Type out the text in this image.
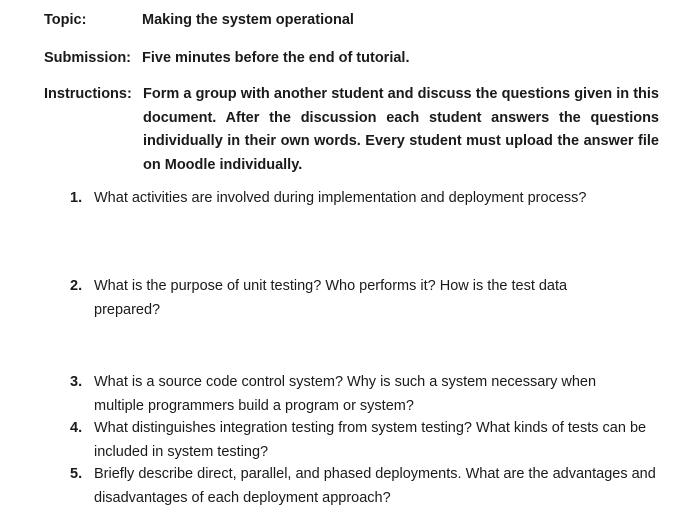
Topic:	Making the system operational
Submission: Five minutes before the end of tutorial.
Instructions: Form a group with another student and discuss the questions given in this document. After the discussion each student answers the questions individually in their own words. Every student must upload the answer file on Moodle individually.
1. What activities are involved during implementation and deployment process?
2. What is the purpose of unit testing? Who performs it? How is the test data prepared?
3. What is a source code control system? Why is such a system necessary when multiple programmers build a program or system?
4. What distinguishes integration testing from system testing? What kinds of tests can be included in system testing?
5. Briefly describe direct, parallel, and phased deployments. What are the advantages and disadvantages of each deployment approach?
